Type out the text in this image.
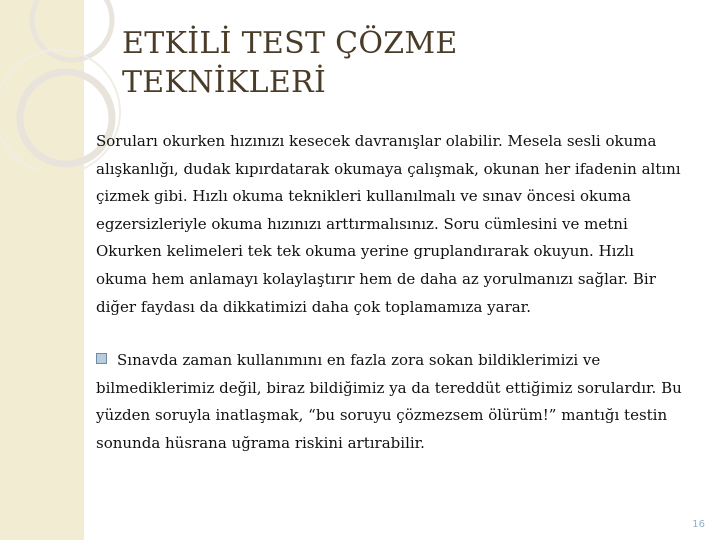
ETKİLİ TEST ÇÖZME
TEKNİKLERİ

Soruları okurken hızınızı kesecek davranışlar olabilir. Mesela sesli okuma

alışkanlığı, dudak kıpırdatarak okumaya çalışmak, okunan her ifadenin altını

çizmek gibi. Hızlı okuma teknikleri kullanılmalı ve sınav öncesi okuma

egzersizleriyle okuma hızınızı arttırmalısınız. Soru cümlesini ve metni

Okurken kelimeleri tek tek okuma yerine gruplandırarak okuyun. Hızlı

okuma hem anlamayı kolaylaştırır hem de daha az yorulmanızı sağlar. Bir

diğer faydası da dikkatimizi daha çok toplamamıza yarar.

Sınavda zaman kullanımını en fazla zora sokan bildiklerimizi ve

bilmediklerimiz değil, biraz bildiğimiz ya da tereddüt ettiğimiz sorulardır. Bu

yüzden soruyla inatlaşmak, “bu soruyu çözmezsem ölürüm!” mantığı testin

sonunda hüsrana uğrama riskini artırabilir.

16
